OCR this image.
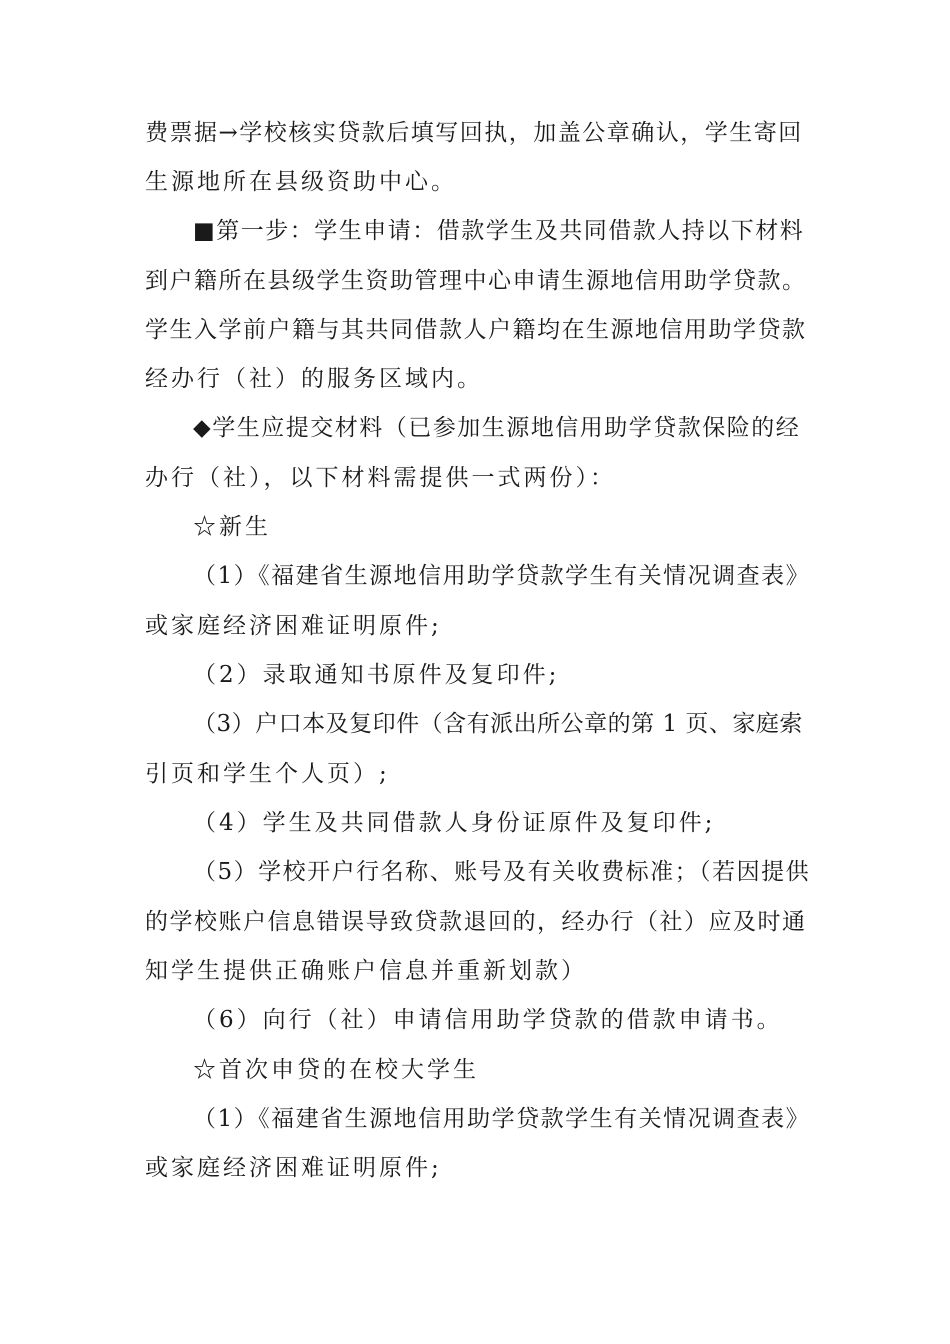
费票据→学校核实贷款后填写回执，加盖公章确认，学生寄回
生源地所在县级资助中心。
■第一步：学生申请：借款学生及共同借款人持以下材料
到户籍所在县级学生资助管理中心申请生源地信用助学贷款。
学生入学前户籍与其共同借款人户籍均在生源地信用助学贷款
经办行（社）的服务区域内。
◆学生应提交材料（已参加生源地信用助学贷款保险的经
办行（社），以下材料需提供一式两份）：
☆新生
（1）《福建省生源地信用助学贷款学生有关情况调查表》
或家庭经济困难证明原件;
（2）录取通知书原件及复印件;
（3）户口本及复印件（含有派出所公章的第 1 页、家庭索
引页和学生个人页）;
（4）学生及共同借款人身份证原件及复印件;
（5）学校开户行名称、账号及有关收费标准；（若因提供
的学校账户信息错误导致贷款退回的，经办行（社）应及时通
知学生提供正确账户信息并重新划款）
（6）向行（社）申请信用助学贷款的借款申请书。
☆首次申贷的在校大学生
（1）《福建省生源地信用助学贷款学生有关情况调查表》
或家庭经济困难证明原件;
